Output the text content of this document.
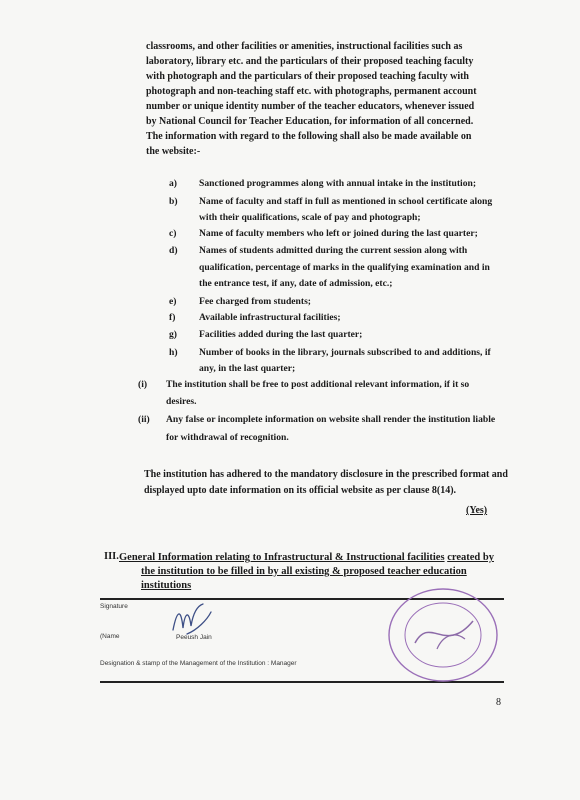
classrooms, and other facilities or amenities, instructional facilities such as
laboratory, library etc. and the particulars of their proposed teaching faculty
with photograph and the particulars of their proposed teaching faculty with
photograph and non-teaching staff etc. with photographs, permanent account
number or unique identity number of the teacher educators, whenever issued
by National Council for Teacher Education, for information of all concerned.
The information with regard to the following shall also be made available on
the website:-
a) Sanctioned programmes along with annual intake in the institution;
b) Name of faculty and staff in full as mentioned in school certificate along
with their qualifications, scale of pay and photograph;
c) Name of faculty members who left or joined during the last quarter;
d) Names of students admitted during the current session along with
qualification, percentage of marks in the qualifying examination and in
the entrance test, if any, date of admission, etc.;
e) Fee charged from students;
f) Available infrastructural facilities;
g) Facilities added during the last quarter;
h) Number of books in the library, journals subscribed to and additions, if
any, in the last quarter;
(i) The institution shall be free to post additional relevant information, if it so
desires.
(ii) Any false or incomplete information on website shall render the institution liable
for withdrawal of recognition.
The institution has adhered to the mandatory disclosure in the prescribed format and
displayed upto date information on its official website as per clause 8(14).
(Yes)
III. General Information relating to Infrastructural & Instructional facilities created by
the institution to be filled in by all existing & proposed teacher education
institutions
Signature
(Name	Peeush Jain
Designation & stamp of the Management of the Institution : Manager
8
